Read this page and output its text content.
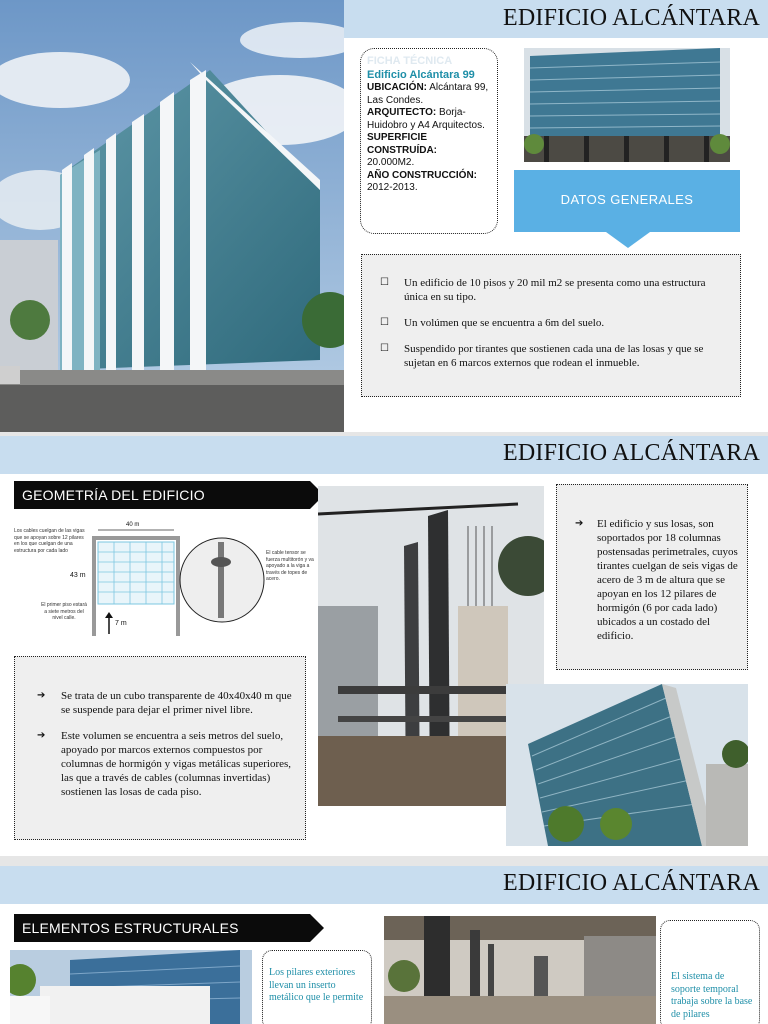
EDIFICIO ALCÁNTARA
FICHA TÉCNICA
Edificio Alcántara 99
UBICACIÓN: Alcántara 99, Las Condes.
ARQUITECTO: Borja-Huidobro y A4 Arquitectos.
SUPERFICIE CONSTRUÍDA:
20.000M2.
AÑO CONSTRUCCIÓN:
2012-2013.
DATOS GENERALES
☐	Un edificio de 10 pisos y 20 mil m2 se presenta como una estructura única en su tipo.
☐	Un volúmen que se encuentra a 6m del suelo.
☐	Suspendido por tirantes que sostienen cada una de las losas y que se sujetan en 6 marcos externos que rodean el inmueble.
EDIFICIO ALCÁNTARA
GEOMETRÍA DEL EDIFICIO
40 m
43 m
7 m
Los cables cuelgan de las vigas que se apoyan sobre 12 pilares en los que cuelgan de una estructura por cada lado
El primer piso estará a siete metros del nivel calle.
El cable tensor se fuerza multitorón y va apoyado a la viga a través de topes de acero.
➔	El edificio y sus losas, son soportados por 18 columnas postensadas perimetrales, cuyos tirantes cuelgan de seis vigas de acero de 3 m de altura que se apoyan en los 12 pilares de hormigón (6 por cada lado) ubicados a un costado del edificio.
➔	Se trata de un cubo transparente de 40x40x40 m que se suspende para dejar el primer nivel libre.
➔	Este volumen se encuentra a seis metros del suelo, apoyado por marcos externos compuestos por columnas de hormigón y vigas metálicas superiores, las que a través de cables (columnas invertidas) sostienen las losas de cada piso.
EDIFICIO ALCÁNTARA
ELEMENTOS ESTRUCTURALES
Los pilares exteriores llevan un inserto metálico que le permite
El sistema de soporte temporal trabaja sobre la base de pilares
